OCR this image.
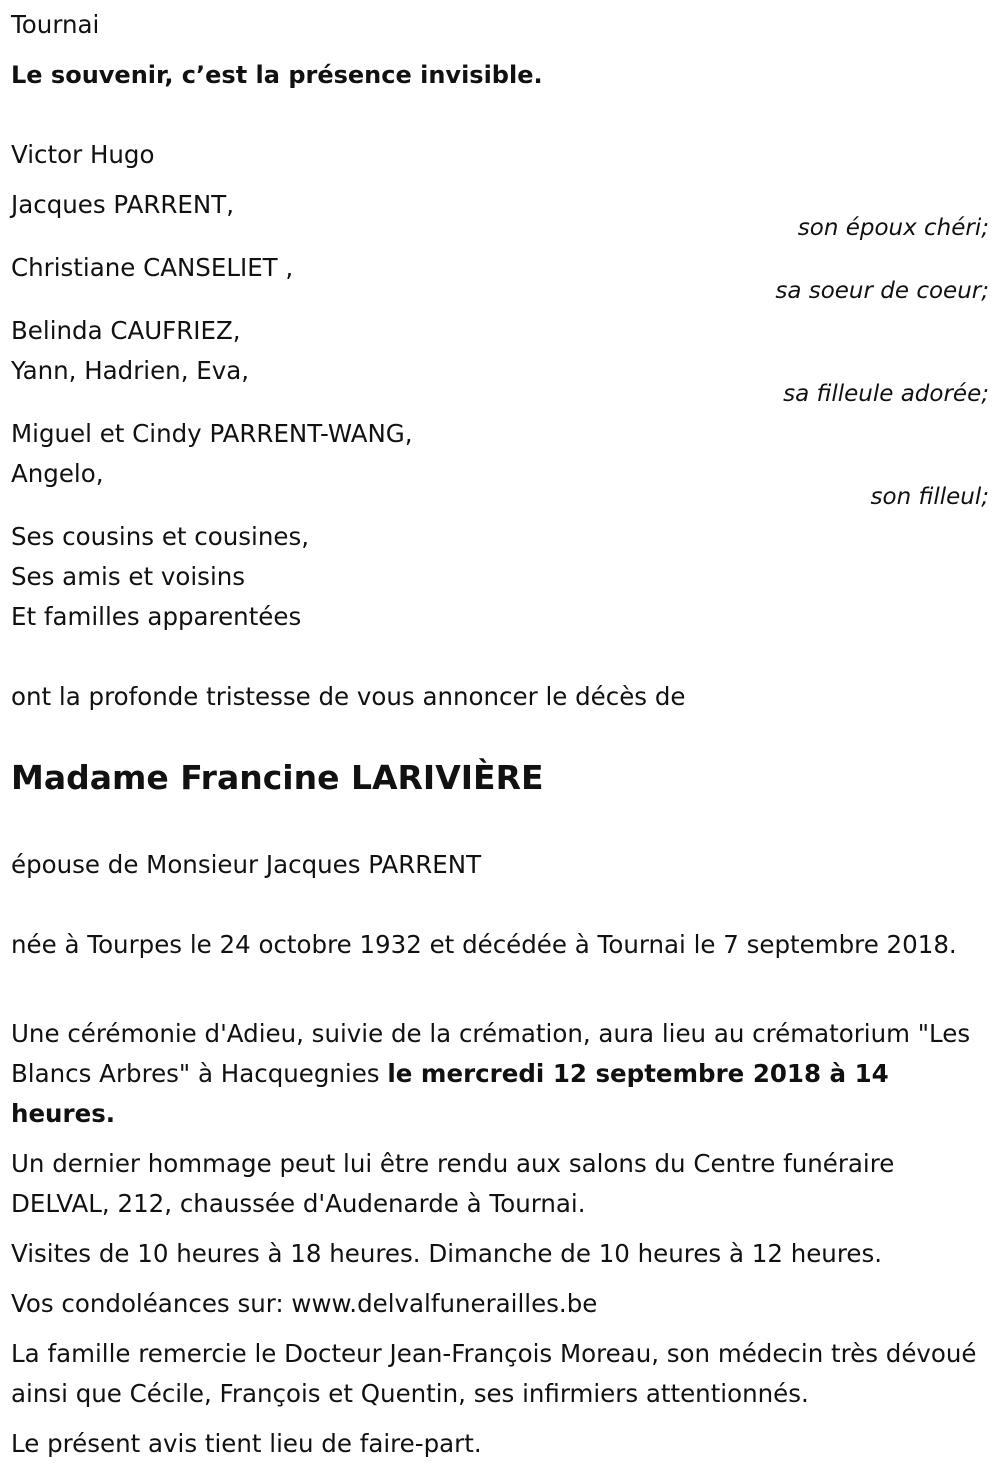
Tournai

Le souvenir, c’est la présence invisible.

Victor Hugo

Jacques PARRENT,

son époux chéri;

Christiane CANSELIET ,

sa soeur de coeur;

Belinda CAUFRIEZ,

Yann, Hadrien, Eva,

sa filleule adorée;

Miguel et Cindy PARRENT-WANG,

Angelo,

son filleul;

Ses cousins et cousines,

Ses amis et voisins

Et familles apparentées

ont la profonde tristesse de vous annoncer le décès de

Madame Francine LARIVIÈRE

épouse de Monsieur Jacques PARRENT

née à Tourpes le 24 octobre 1932 et décédée à Tournai le 7 septembre 2018.

Une cérémonie d'Adieu, suivie de la crémation, aura lieu au crématorium "Les Blancs Arbres" à Hacquegnies le mercredi 12 septembre 2018 à 14 heures.

Un dernier hommage peut lui être rendu aux salons du Centre funéraire DELVAL, 212, chaussée d'Audenarde à Tournai.

Visites de 10 heures à 18 heures. Dimanche de 10 heures à 12 heures.

Vos condoléances sur: www.delvalfunerailles.be

La famille remercie le Docteur Jean-François Moreau, son médecin très dévoué ainsi que Cécile, François et Quentin, ses infirmiers attentionnés.

Le présent avis tient lieu de faire-part.
